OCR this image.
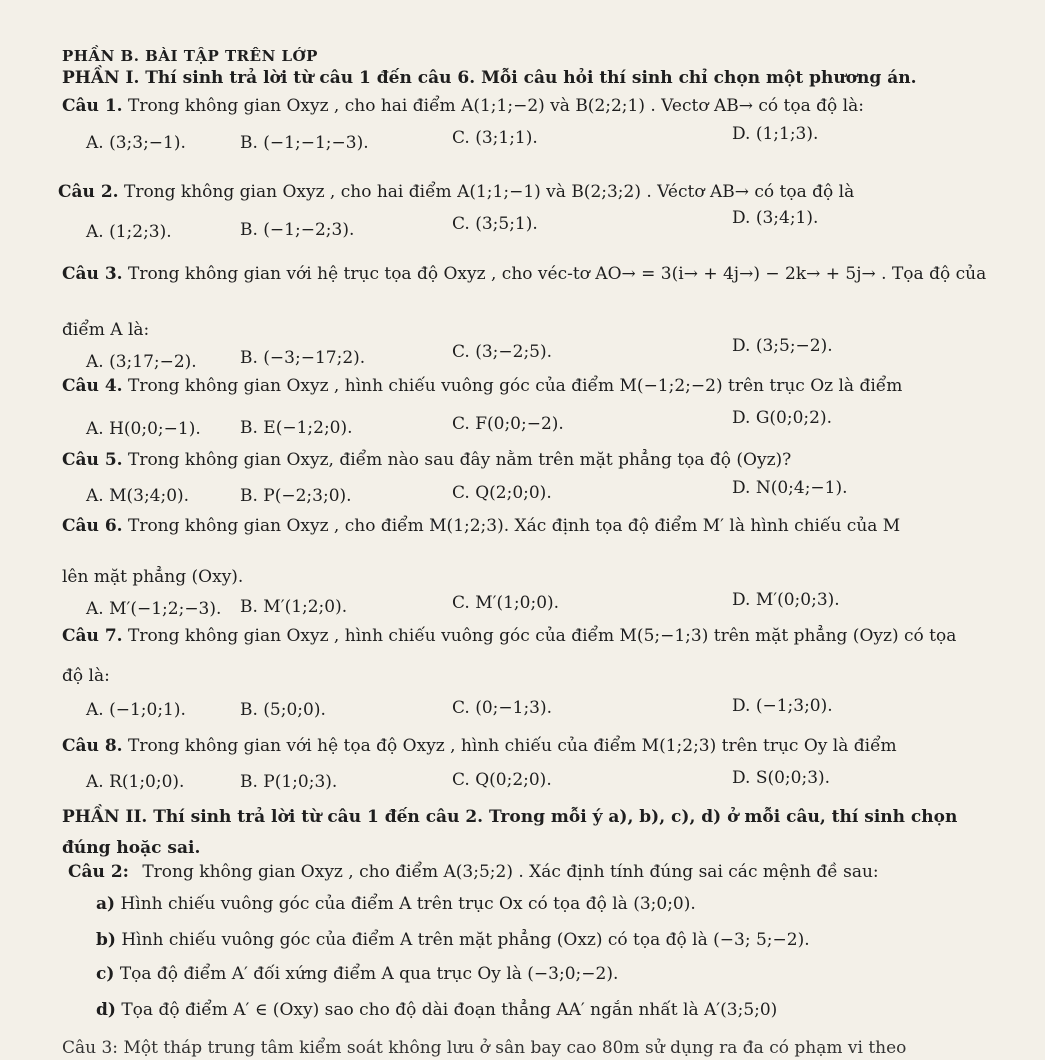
PHẦN B. BÀI TẬP TRÊN LỚP
PHẦN I. Thí sinh trả lời từ câu 1 đến câu 6. Mỗi câu hỏi thí sinh chỉ chọn một phương án.
Câu 1. Trong không gian Oxyz , cho hai điểm A(1;1;−2) và B(2;2;1) . Vectơ AB→ có tọa độ là:
A. (3;3;−1).	B. (−1;−1;−3).	C. (3;1;1).	D. (1;1;3).
Câu 2. Trong không gian Oxyz , cho hai điểm A(1;1;−1) và B(2;3;2) . Véctơ AB→ có tọa độ là
A. (1;2;3).	B. (−1;−2;3).	C. (3;5;1).	D. (3;4;1).
Câu 3. Trong không gian với hệ trục tọa độ Oxyz , cho véc-tơ AO→ = 3(i→ + 4j→) − 2k→ + 5j→ . Tọa độ của
điểm A là:
A. (3;17;−2).	B. (−3;−17;2).	C. (3;−2;5).	D. (3;5;−2).
Câu 4. Trong không gian Oxyz , hình chiếu vuông góc của điểm M(−1;2;−2) trên trục Oz là điểm
A. H(0;0;−1). B. E(−1;2;0).	C. F(0;0;−2).	D. G(0;0;2).
Câu 5. Trong không gian Oxyz, điểm nào sau đây nằm trên mặt phẳng tọa độ (Oyz)?
A. M(3;4;0).	B. P(−2;3;0).	C. Q(2;0;0).	D. N(0;4;−1).
Câu 6. Trong không gian Oxyz , cho điểm M(1;2;3). Xác định tọa độ điểm M′ là hình chiếu của M
lên mặt phẳng (Oxy).
A. M′(−1;2;−3). B. M′(1;2;0).	C. M′(1;0;0).	D. M′(0;0;3).
Câu 7. Trong không gian Oxyz , hình chiếu vuông góc của điểm M(5;−1;3) trên mặt phẳng (Oyz) có tọa
độ là:
A. (−1;0;1).	B. (5;0;0).	C. (0;−1;3).	D. (−1;3;0).
Câu 8. Trong không gian với hệ tọa độ Oxyz , hình chiếu của điểm M(1;2;3) trên trục Oy là điểm
A. R(1;0;0).	B. P(1;0;3).	C. Q(0;2;0).	D. S(0;0;3).
PHẦN II. Thí sinh trả lời từ câu 1 đến câu 2. Trong mỗi ý a), b), c), d) ở mỗi câu, thí sinh chọn
đúng hoặc sai.
Câu 2: Trong không gian Oxyz , cho điểm A(3;5;2) . Xác định tính đúng sai các mệnh đề sau:
a) Hình chiếu vuông góc của điểm A trên trục Ox có tọa độ là (3;0;0).
b) Hình chiếu vuông góc của điểm A trên mặt phẳng (Oxz) có tọa độ là (−3; 5;−2).
c) Tọa độ điểm A′ đối xứng điểm A qua trục Oy là (−3;0;−2).
d) Tọa độ điểm A′ ∈ (Oxy) sao cho độ dài đoạn thẳng AA′ ngắn nhất là A′(3;5;0)
Câu 3: Một tháp trung tâm kiểm soát không lưu ở sân bay cao 80m sử dụng ra đa có phạm vi theo
